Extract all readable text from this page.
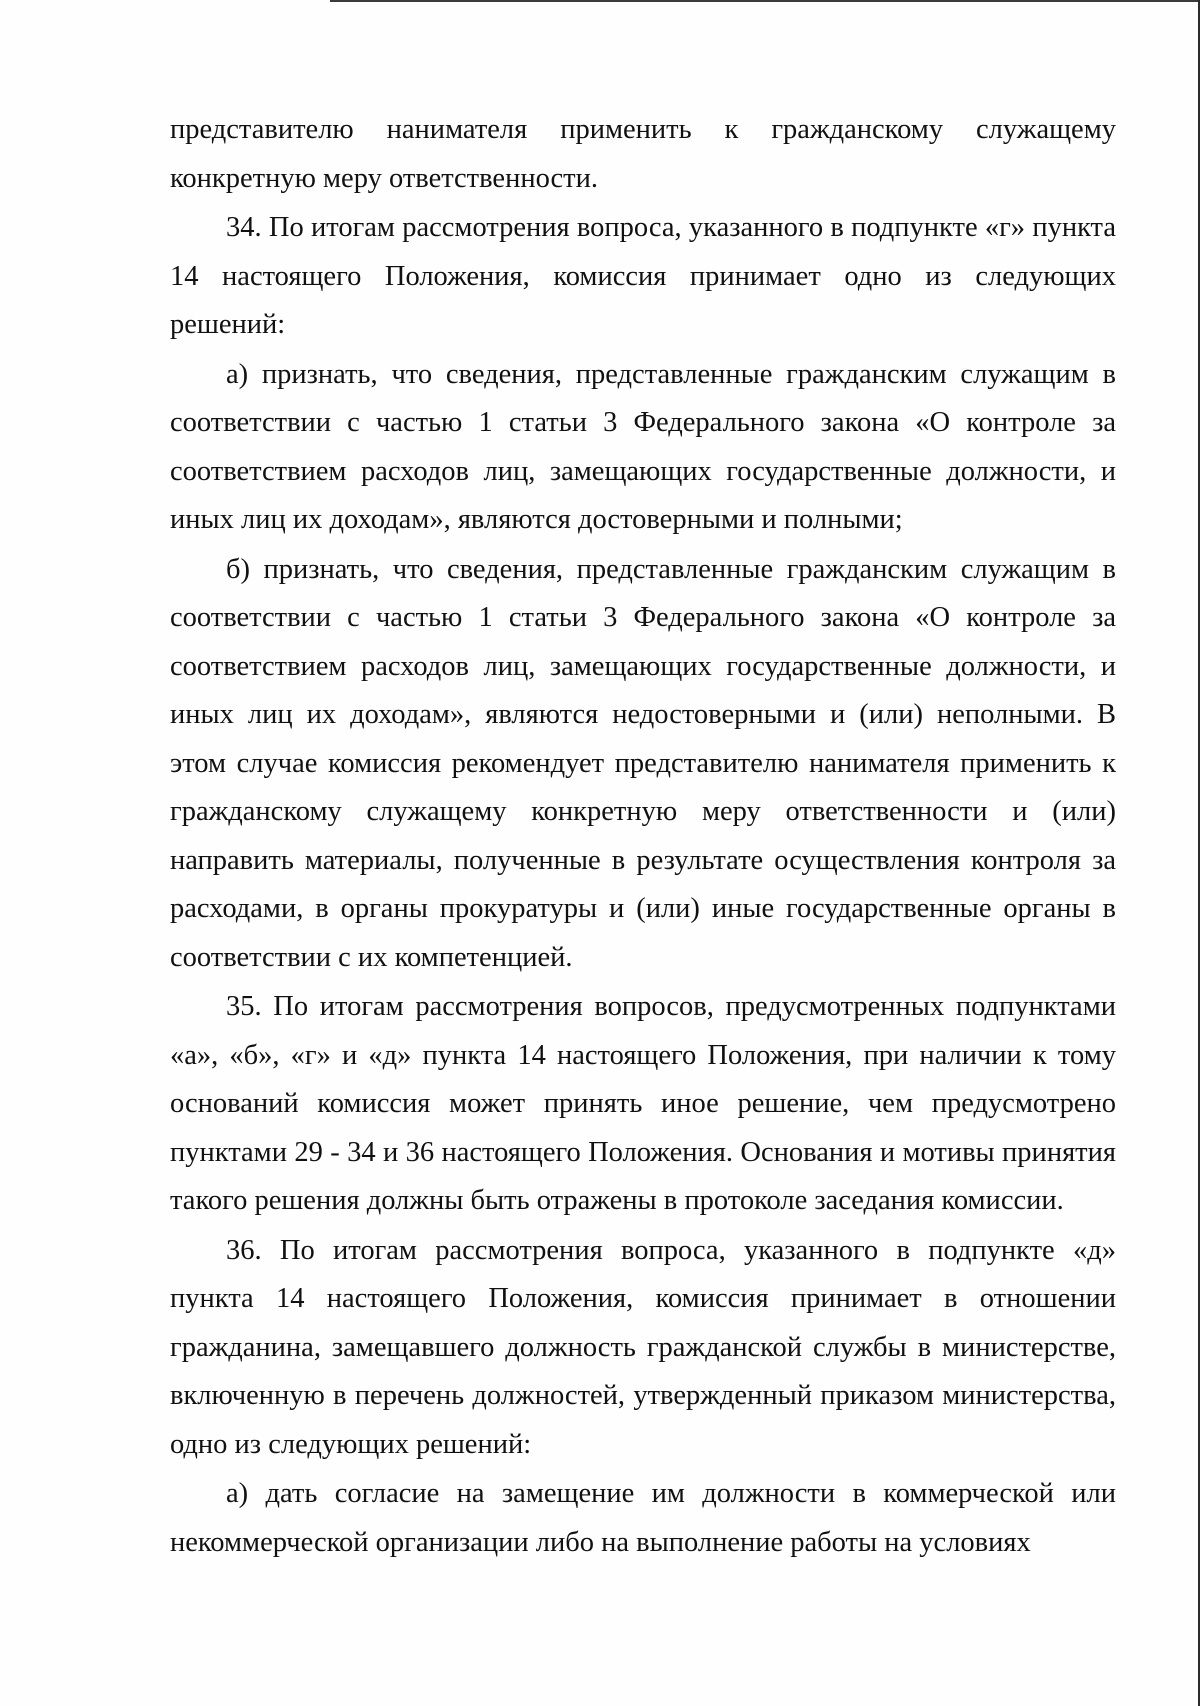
представителю нанимателя применить к гражданскому служащему конкретную меру ответственности.

34. По итогам рассмотрения вопроса, указанного в подпункте «г» пункта 14 настоящего Положения, комиссия принимает одно из следующих решений:

а) признать, что сведения, представленные гражданским служащим в соответствии с частью 1 статьи 3 Федерального закона «О контроле за соответствием расходов лиц, замещающих государственные должности, и иных лиц их доходам», являются достоверными и полными;

б) признать, что сведения, представленные гражданским служащим в соответствии с частью 1 статьи 3 Федерального закона «О контроле за соответствием расходов лиц, замещающих государственные должности, и иных лиц их доходам», являются недостоверными и (или) неполными. В этом случае комиссия рекомендует представителю нанимателя применить к гражданскому служащему конкретную меру ответственности и (или) направить материалы, полученные в результате осуществления контроля за расходами, в органы прокуратуры и (или) иные государственные органы в соответствии с их компетенцией.

35. По итогам рассмотрения вопросов, предусмотренных подпунктами «а», «б», «г» и «д» пункта 14 настоящего Положения, при наличии к тому оснований комиссия может принять иное решение, чем предусмотрено пунктами 29 - 34 и 36 настоящего Положения. Основания и мотивы принятия такого решения должны быть отражены в протоколе заседания комиссии.

36. По итогам рассмотрения вопроса, указанного в подпункте «д» пункта 14 настоящего Положения, комиссия принимает в отношении гражданина, замещавшего должность гражданской службы в министерстве, включенную в перечень должностей, утвержденный приказом министерства, одно из следующих решений:

а) дать согласие на замещение им должности в коммерческой или некоммерческой организации либо на выполнение работы на условиях
